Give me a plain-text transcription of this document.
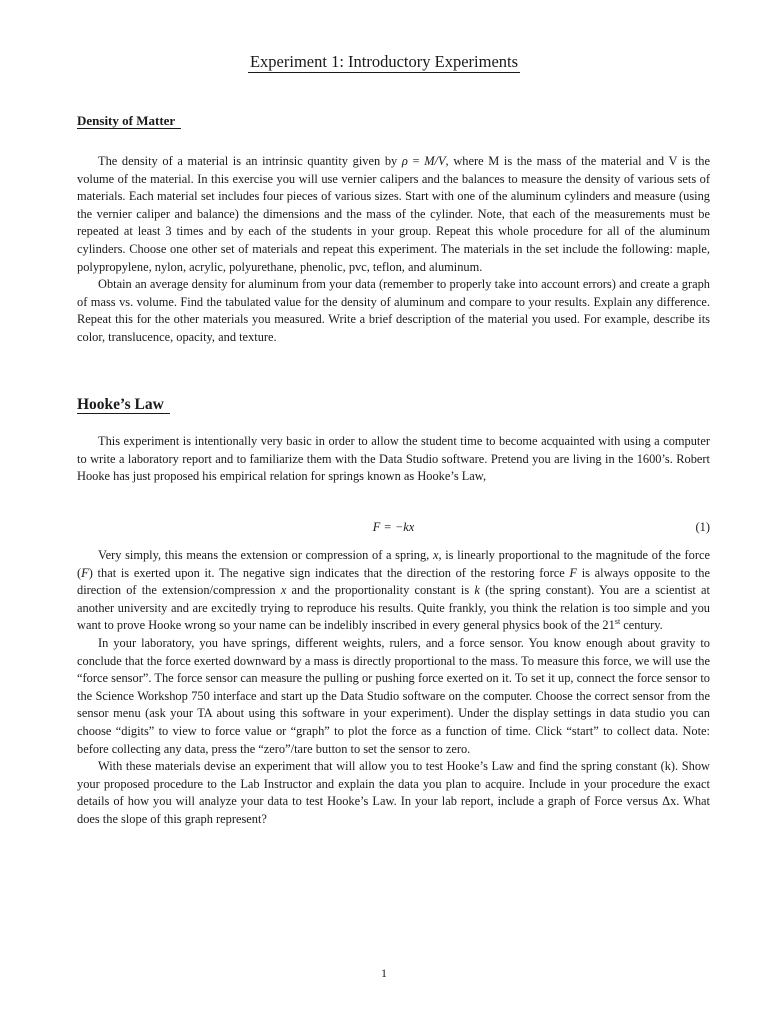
Experiment 1: Introductory Experiments
Density of Matter

The density of a material is an intrinsic quantity given by ρ = M/V, where M is the mass of the material and V is the volume of the material. In this exercise you will use vernier calipers and the balances to measure the density of various sets of materials. Each material set includes four pieces of various sizes. Start with one of the aluminum cylinders and measure (using the vernier caliper and balance) the dimensions and the mass of the cylinder. Note, that each of the measurements must be repeated at least 3 times and by each of the students in your group. Repeat this whole procedure for all of the aluminum cylinders. Choose one other set of materials and repeat this experiment. The materials in the set include the following: maple, polypropylene, nylon, acrylic, polyurethane, phenolic, pvc, teflon, and aluminum.

Obtain an average density for aluminum from your data (remember to properly take into account errors) and create a graph of mass vs. volume. Find the tabulated value for the density of aluminum and compare to your results. Explain any difference. Repeat this for the other materials you measured. Write a brief description of the material you used. For example, describe its color, translucence, opacity, and texture.

Hooke’s Law

This experiment is intentionally very basic in order to allow the student time to become acquainted with using a computer to write a laboratory report and to familiarize them with the Data Studio software. Pretend you are living in the 1600’s. Robert Hooke has just proposed his empirical relation for springs known as Hooke’s Law,

F = −kx	(1)

Very simply, this means the extension or compression of a spring, x, is linearly proportional to the magnitude of the force (F) that is exerted upon it. The negative sign indicates that the direction of the restoring force F is always opposite to the direction of the extension/compression x and the proportionality constant is k (the spring constant). You are a scientist at another university and are excitedly trying to reproduce his results. Quite frankly, you think the relation is too simple and you want to prove Hooke wrong so your name can be indelibly inscribed in every general physics book of the 21st century.

In your laboratory, you have springs, different weights, rulers, and a force sensor. You know enough about gravity to conclude that the force exerted downward by a mass is directly proportional to the mass. To measure this force, we will use the “force sensor”. The force sensor can measure the pulling or pushing force exerted on it. To set it up, connect the force sensor to the Science Workshop 750 interface and start up the Data Studio software on the computer. Choose the correct sensor from the sensor menu (ask your TA about using this software in your experiment). Under the display settings in data studio you can choose “digits” to view to force value or “graph” to plot the force as a function of time. Click “start” to collect data. Note: before collecting any data, press the “zero”/tare button to set the sensor to zero.

With these materials devise an experiment that will allow you to test Hooke’s Law and find the spring constant (k). Show your proposed procedure to the Lab Instructor and explain the data you plan to acquire. Include in your procedure the exact details of how you will analyze your data to test Hooke’s Law. In your lab report, include a graph of Force versus Δx. What does the slope of this graph represent?

1
